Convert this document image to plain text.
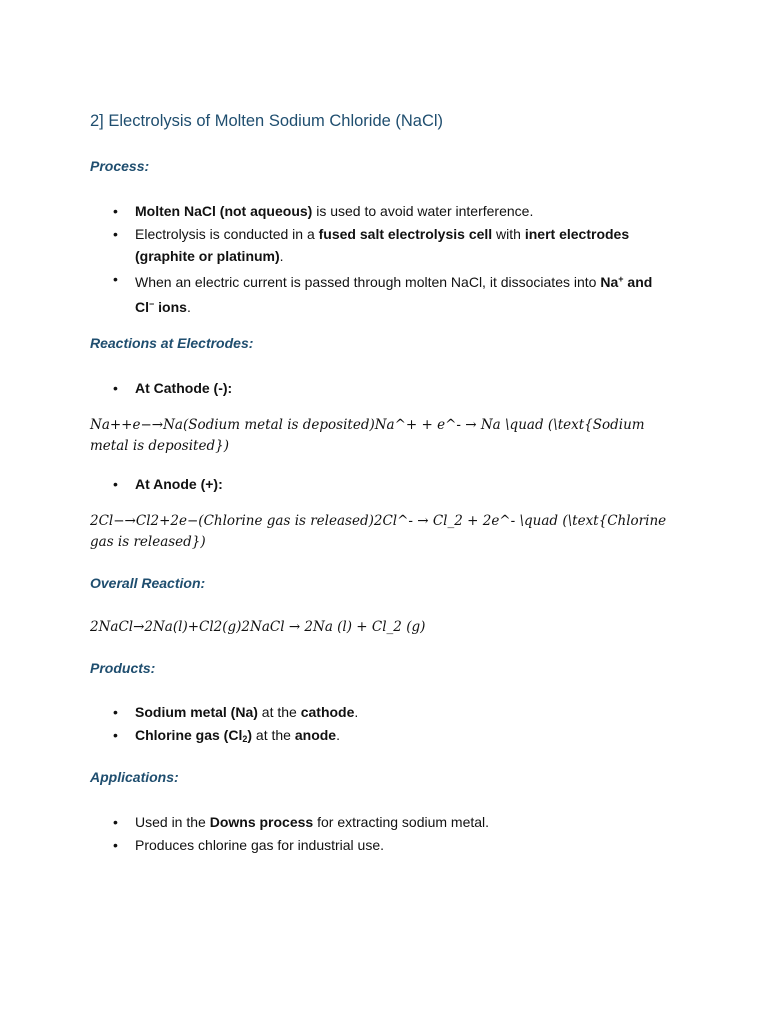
2] Electrolysis of Molten Sodium Chloride (NaCl)
Process:
• Molten NaCl (not aqueous) is used to avoid water interference.
• Electrolysis is conducted in a fused salt electrolysis cell with inert electrodes (graphite or platinum).
• When an electric current is passed through molten NaCl, it dissociates into Na+ and Cl− ions.
Reactions at Electrodes:
• At Cathode (-):

Na++e−→Na(Sodium metal is deposited)Na^+ + e^- → Na \quad (\text{Sodium metal is deposited})

• At Anode (+):

2Cl−→Cl2+2e−(Chlorine gas is released)2Cl^- → Cl_2 + 2e^- \quad (\text{Chlorine gas is released})

Overall Reaction:

2NaCl→2Na(l)+Cl2(g)2NaCl → 2Na (l) + Cl_2 (g)

Products:
• Sodium metal (Na) at the cathode.
• Chlorine gas $(Cl_2)$ at the anode.
Applications:
• Used in the Downs process for extracting sodium metal.
• Produces chlorine gas for industrial use.
